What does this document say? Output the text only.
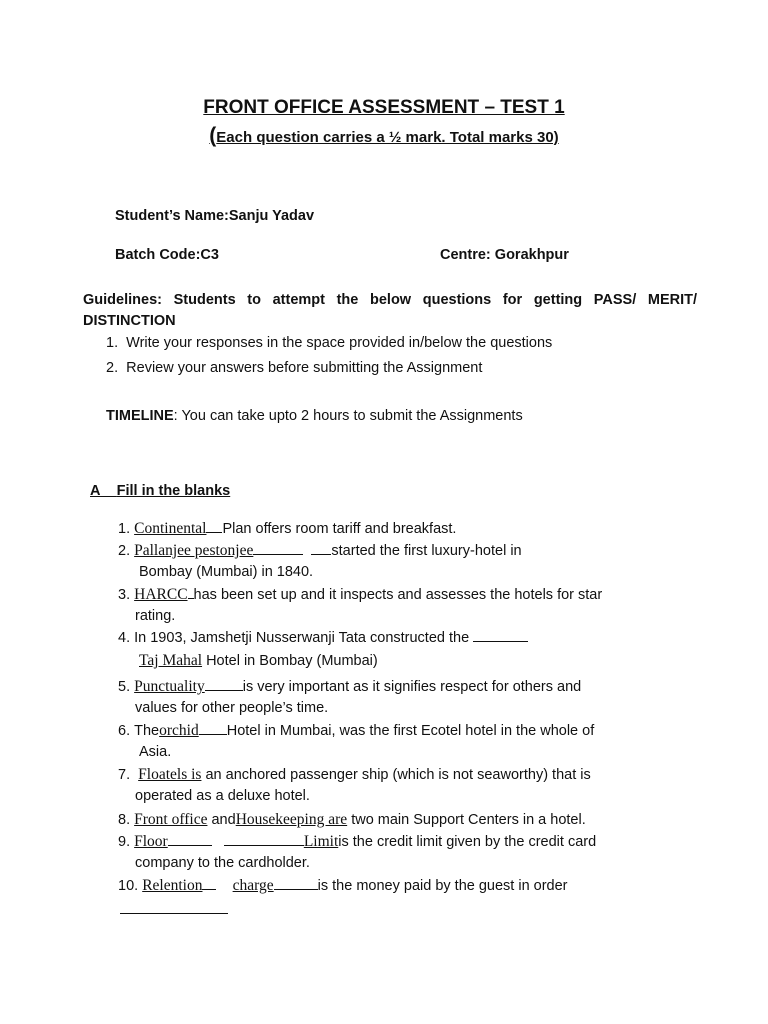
FRONT OFFICE ASSESSMENT – TEST 1
(Each question carries a ½ mark. Total marks 30)
Student’s Name:Sanju Yadav
Batch Code:C3	Centre: Gorakhpur
Guidelines: Students to attempt the below questions for getting PASS/ MERIT/
DISTINCTION
1.  Write your responses in the space provided in/below the questions
2.  Review your answers before submitting the Assignment
TIMELINE: You can take upto 2 hours to submit the Assignments
A Fill in the blanks
1. Continental Plan offers room tariff and breakfast.
2. Pallanjee pestonjee	started the first luxury-hotel in
Bombay (Mumbai) in 1840.
3. HARCC has been set up and it inspects and assesses the hotels for star
rating.
4. In 1903, Jamshetji Nusserwanji Tata constructed the
Taj Mahal Hotel in Bombay (Mumbai)
5. Punctuality	is very important as it signifies respect for others and
values for other people’s time.
6. Theorchid Hotel in Mumbai, was the first Ecotel hotel in the whole of
Asia.
7. Floatels is an anchored passenger ship (which is not seaworthy) that is
operated as a deluxe hotel.
8. Front office andHousekeeping are two main Support Centers in a hotel.
9. Floor	Limitis the credit limit given by the credit card
company to the cardholder.
10. Relention charge	is the money paid by the guest in order
